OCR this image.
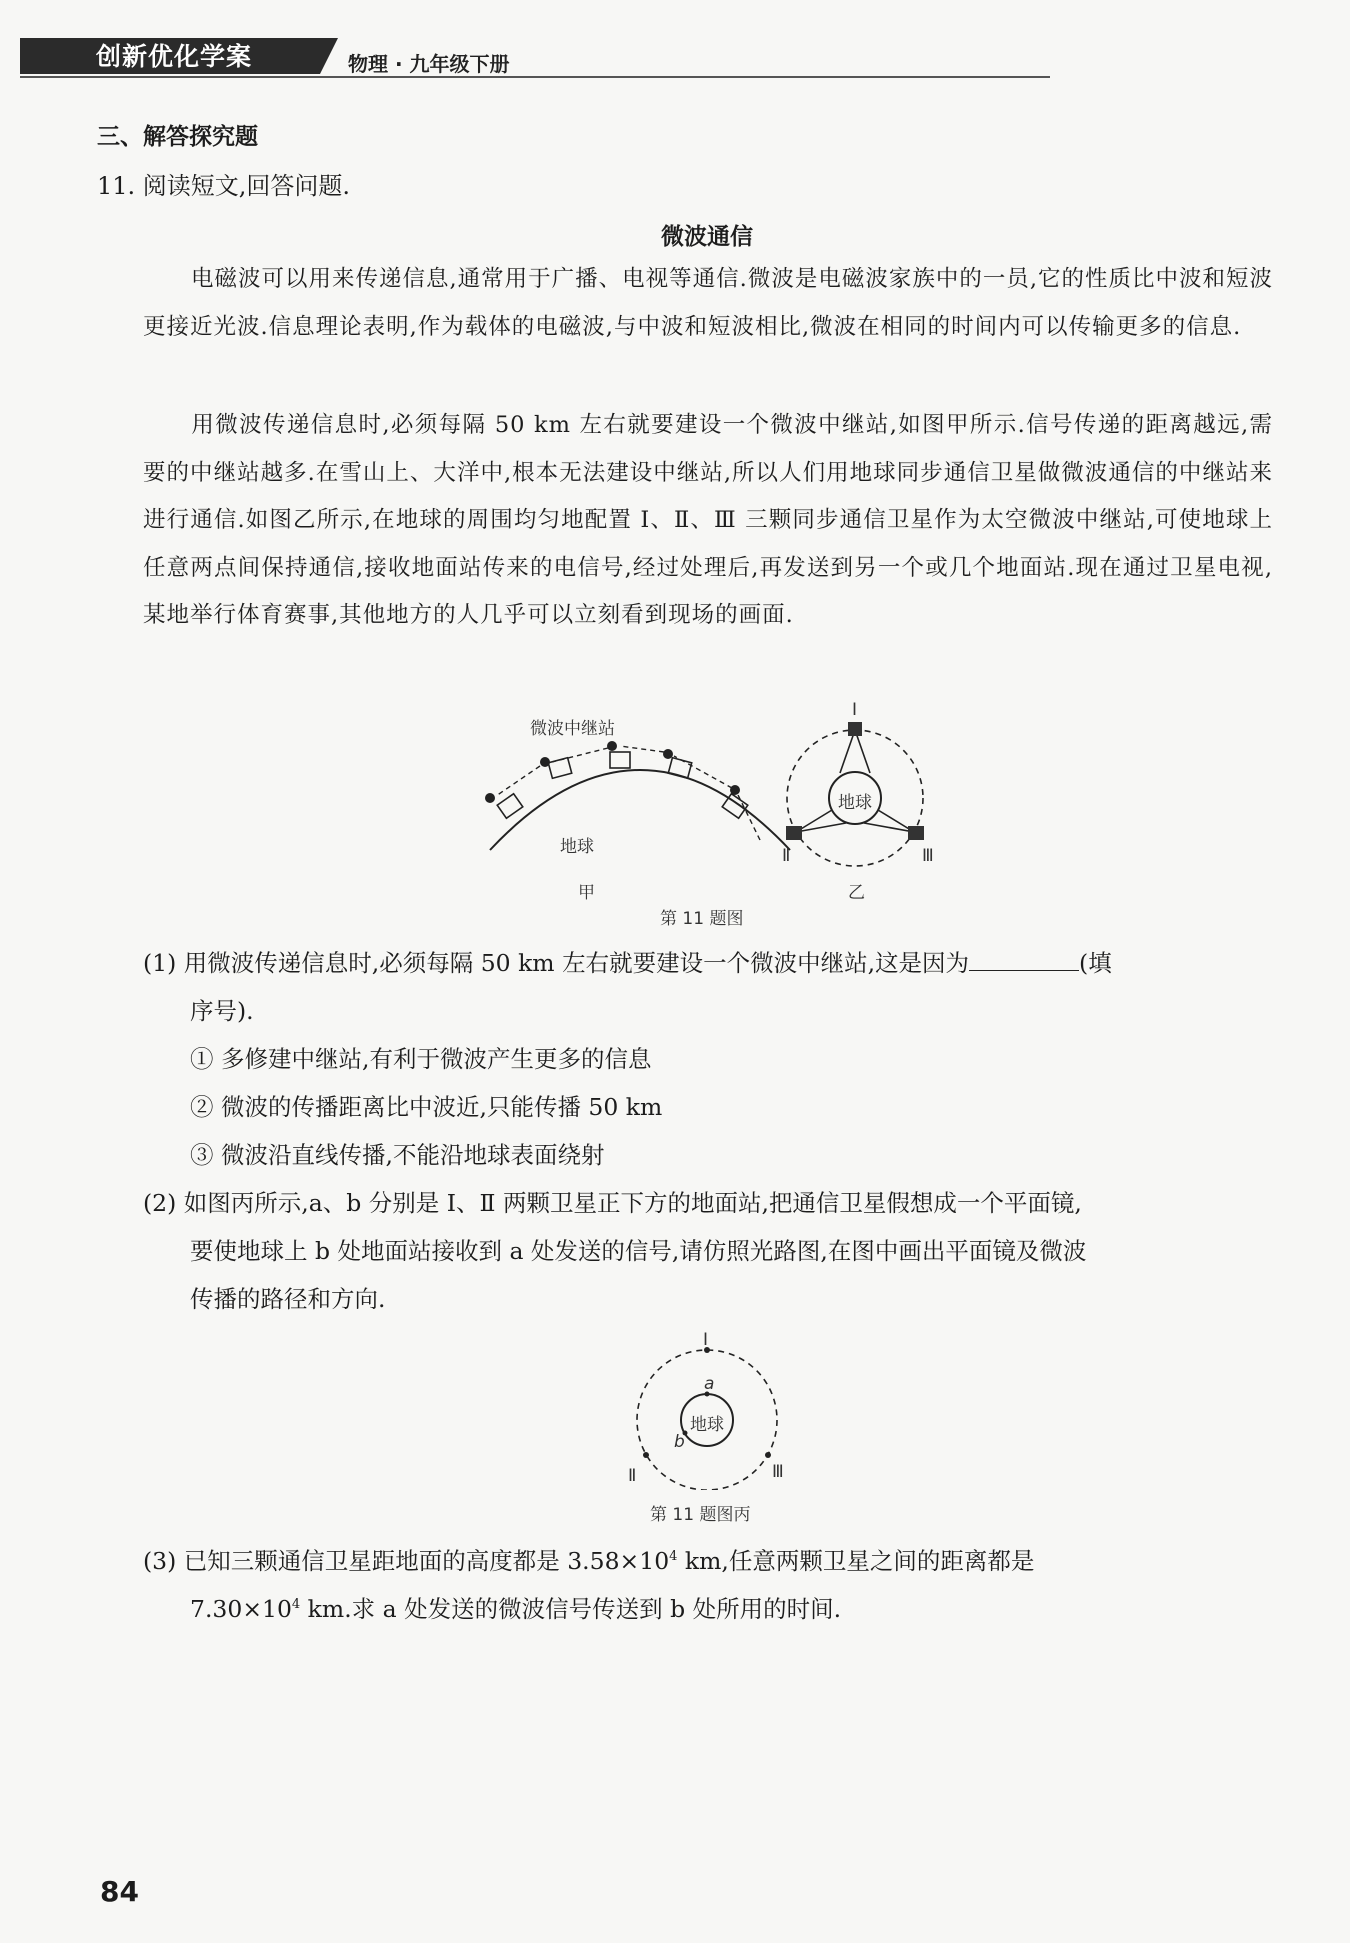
创新优化学案	物理 · 九年级下册
三、解答探究题
11. 阅读短文,回答问题.
微波通信
电磁波可以用来传递信息,通常用于广播、电视等通信.微波是电磁波家族中的一员,它的性质比中波和短波更接近光波.信息理论表明,作为载体的电磁波,与中波和短波相比,微波在相同的时间内可以传输更多的信息.
用微波传递信息时,必须每隔 50 km 左右就要建设一个微波中继站,如图甲所示.信号传递的距离越远,需要的中继站越多.在雪山上、大洋中,根本无法建设中继站,所以人们用地球同步通信卫星做微波通信的中继站来进行通信.如图乙所示,在地球的周围均匀地配置 Ⅰ、Ⅱ、Ⅲ 三颗同步通信卫星作为太空微波中继站,可使地球上任意两点间保持通信,接收地面站传来的电信号,经过处理后,再发送到另一个或几个地面站.现在通过卫星电视,某地举行体育赛事,其他地方的人几乎可以立刻看到现场的画面.
微波中继站
地球
甲
地球
乙
Ⅰ
Ⅱ	Ⅲ
第 11 题图
(1) 用微波传递信息时,必须每隔 50 km 左右就要建设一个微波中继站,这是因为	(填
序号).
① 多修建中继站,有利于微波产生更多的信息
② 微波的传播距离比中波近,只能传播 50 km
③ 微波沿直线传播,不能沿地球表面绕射
(2) 如图丙所示,a、b 分别是 Ⅰ、Ⅱ 两颗卫星正下方的地面站,把通信卫星假想成一个平面镜,
要使地球上 b 处地面站接收到 a 处发送的信号,请仿照光路图,在图中画出平面镜及微波
传播的路径和方向.
Ⅰ
Ⅱ	Ⅲ
地球
a
b
第 11 题图丙
(3) 已知三颗通信卫星距地面的高度都是 $3.58\times 10^4$ km,任意两颗卫星之间的距离都是
$7.30\times 10^4$ km.求 a 处发送的微波信号传送到 b 处所用的时间.
84
